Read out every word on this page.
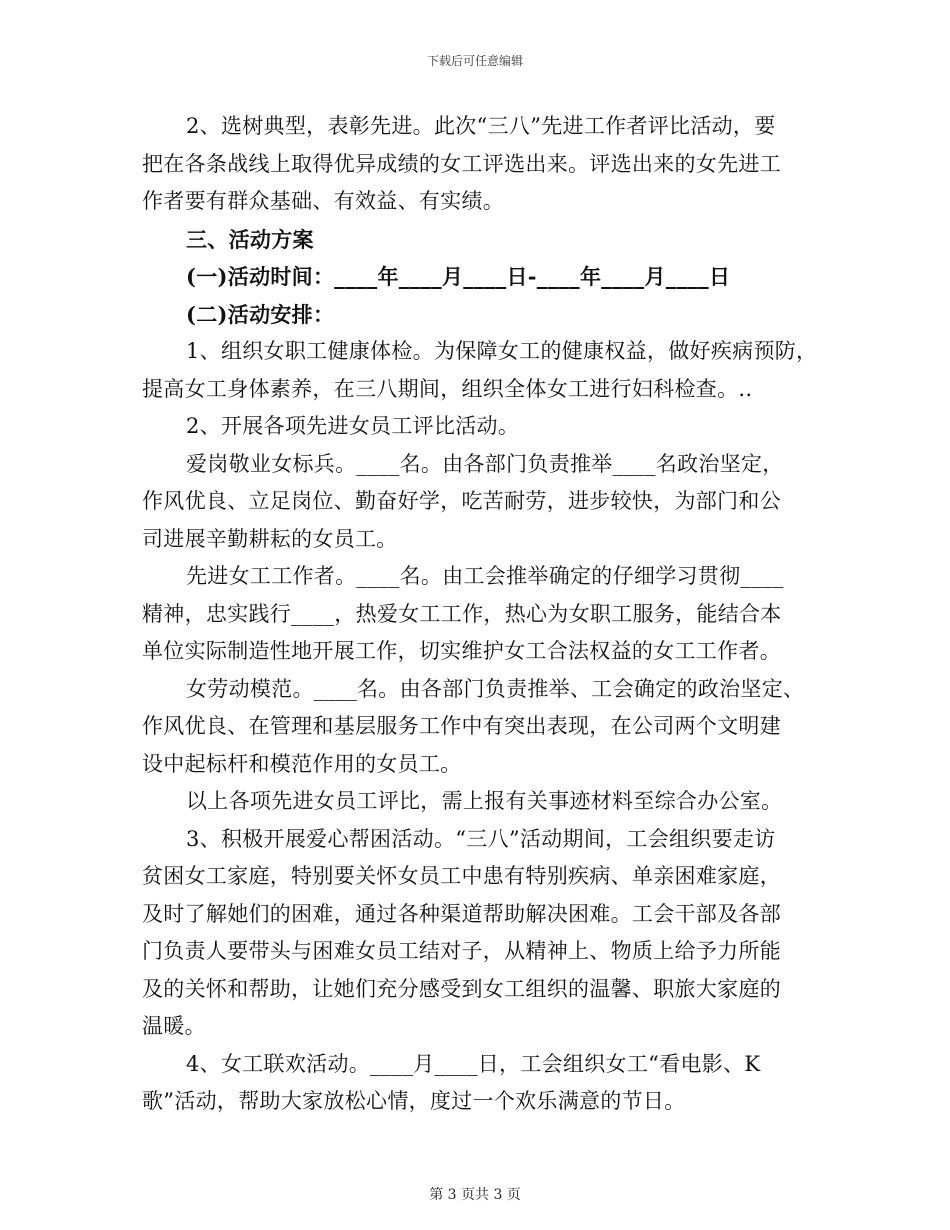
下载后可任意编辑
2、选树典型，表彰先进。此次“三八”先进工作者评比活动，要
把在各条战线上取得优异成绩的女工评选出来。评选出来的女先进工
作者要有群众基础、有效益、有实绩。
三、活动方案
(一)活动时间：____年____月____日-____年____月____日
(二)活动安排：
1、组织女职工健康体检。为保障女工的健康权益，做好疾病预防，
提高女工身体素养，在三八期间，组织全体女工进行妇科检查。..
2、开展各项先进女员工评比活动。
爱岗敬业女标兵。____名。由各部门负责推举____名政治坚定，
作风优良、立足岗位、勤奋好学，吃苦耐劳，进步较快，为部门和公
司进展辛勤耕耘的女员工。
先进女工工作者。____名。由工会推举确定的仔细学习贯彻____
精神，忠实践行____，热爱女工工作，热心为女职工服务，能结合本
单位实际制造性地开展工作，切实维护女工合法权益的女工工作者。
女劳动模范。____名。由各部门负责推举、工会确定的政治坚定、
作风优良、在管理和基层服务工作中有突出表现，在公司两个文明建
设中起标杆和模范作用的女员工。
以上各项先进女员工评比，需上报有关事迹材料至综合办公室。
3、积极开展爱心帮困活动。“三八”活动期间，工会组织要走访
贫困女工家庭，特别要关怀女员工中患有特别疾病、单亲困难家庭，
及时了解她们的困难，通过各种渠道帮助解决困难。工会干部及各部
门负责人要带头与困难女员工结对子，从精神上、物质上给予力所能
及的关怀和帮助，让她们充分感受到女工组织的温馨、职旅大家庭的
温暖。
4、女工联欢活动。____月____日，工会组织女工“看电影、K
歌”活动，帮助大家放松心情，度过一个欢乐满意的节日。
第 3 页共 3 页
